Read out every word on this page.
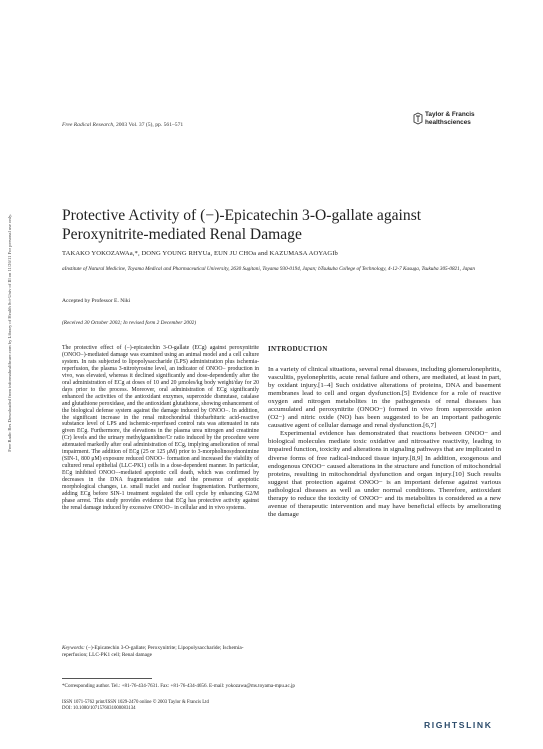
Free Radic Res Downloaded from informahealthcare.com by Library of Health Sci-Univ of Ill on 11/26/11 For personal use only.
Free Radical Research, 2003 Vol. 37 (5), pp. 561–571
Taylor & Francis
healthsciences
Protective Activity of (−)-Epicatechin 3-O-gallate against Peroxynitrite-mediated Renal Damage
TAKAKO YOKOZAWAa,*, DONG YOUNG RHYUa, EUN JU CHOa and KAZUMASA AOYAGIb
aInstitute of Natural Medicine, Toyama Medical and Pharmaceutical University, 2630 Sugitani, Toyama 930-0194, Japan; bTsukuba College of Technology, 4-12-7 Kasuga, Tsukuba 305-0821, Japan
Accepted by Professor E. Niki
(Received 30 October 2002; In revised form 2 December 2002)
The protective effect of (−)-epicatechin 3-O-gallate (ECg) against peroxynitrite (ONOO−)-mediated damage was examined using an animal model and a cell culture system. In rats subjected to lipopolysaccharide (LPS) administration plus ischemia-reperfusion, the plasma 3-nitrotyrosine level, an indicator of ONOO− production in vivo, was elevated, whereas it declined significantly and dose-dependently after the oral administration of ECg at doses of 10 and 20 μmoles/kg body weight/day for 20 days prior to the process. Moreover, oral administration of ECg significantly enhanced the activities of the antioxidant enzymes, superoxide dismutase, catalase and glutathione peroxidase, and the antioxidant glutathione, showing enhancement of the biological defense system against the damage induced by ONOO−. In addition, the significant increase in the renal mitochondrial thiobarbituric acid-reactive substance level of LPS and ischemic-reperfused control rats was attenuated in rats given ECg. Furthermore, the elevations in the plasma urea nitrogen and creatinine (Cr) levels and the urinary methylguanidine/Cr ratio induced by the procedure were attenuated markedly after oral administration of ECg, implying amelioration of renal impairment. The addition of ECg (25 or 125 μM) prior to 3-morpholinosydnonimine (SIN-1, 800 μM) exposure reduced ONOO− formation and increased the viability of cultured renal epithelial (LLC-PK1) cells in a dose-dependent manner. In particular, ECg inhibited ONOO−-mediated apoptotic cell death, which was confirmed by decreases in the DNA fragmentation rate and the presence of apoptotic morphological changes, i.e. small nuclei and nuclear fragmentation. Furthermore, adding ECg before SIN-1 treatment regulated the cell cycle by enhancing G2/M phase arrest. This study provides evidence that ECg has protective activity against the renal damage induced by excessive ONOO− in cellular and in vivo systems.
Keywords: (−)-Epicatechin 3-O-gallate; Peroxynitrite; Lipopolysaccharide; Ischemia-reperfusion; LLC-PK1 cell; Renal damage
INTRODUCTION

In a variety of clinical situations, several renal diseases, including glomerulonephritis, vasculitis, pyelonephritis, acute renal failure and others, are mediated, at least in part, by oxidant injury.[1–4] Such oxidative alterations of proteins, DNA and basement membranes lead to cell and organ dysfunction.[5] Evidence for a role of reactive oxygen and nitrogen metabolites in the pathogenesis of renal diseases has accumulated and peroxynitrite (ONOO−) formed in vivo from superoxide anion (O2−) and nitric oxide (NO) has been suggested to be an important pathogenic causative agent of cellular damage and renal dysfunction.[6,7]

Experimental evidence has demonstrated that reactions between ONOO− and biological molecules mediate toxic oxidative and nitrosative reactivity, leading to impaired function, toxicity and alterations in signaling pathways that are implicated in diverse forms of free radical-induced tissue injury.[8,9] In addition, exogenous and endogenous ONOO− caused alterations in the structure and function of mitochondrial proteins, resulting in mitochondrial dysfunction and organ injury.[10] Such results suggest that protection against ONOO− is an important defense against various pathological diseases as well as under normal conditions. Therefore, antioxidant therapy to reduce the toxicity of ONOO− and its metabolites is considered as a new avenue of therapeutic intervention and may have beneficial effects by ameliorating the damage

*Corresponding author. Tel.: +81-76-434-7631. Fax: +81-76-434-4656. E-mail: yokozawa@ms.toyama-mpu.ac.jp
ISSN 1071-5762 print/ISSN 1029-2470 online © 2003 Taylor & Francis Ltd
DOI: 10.1080/1071576031000083134
RIGHTSLINK
